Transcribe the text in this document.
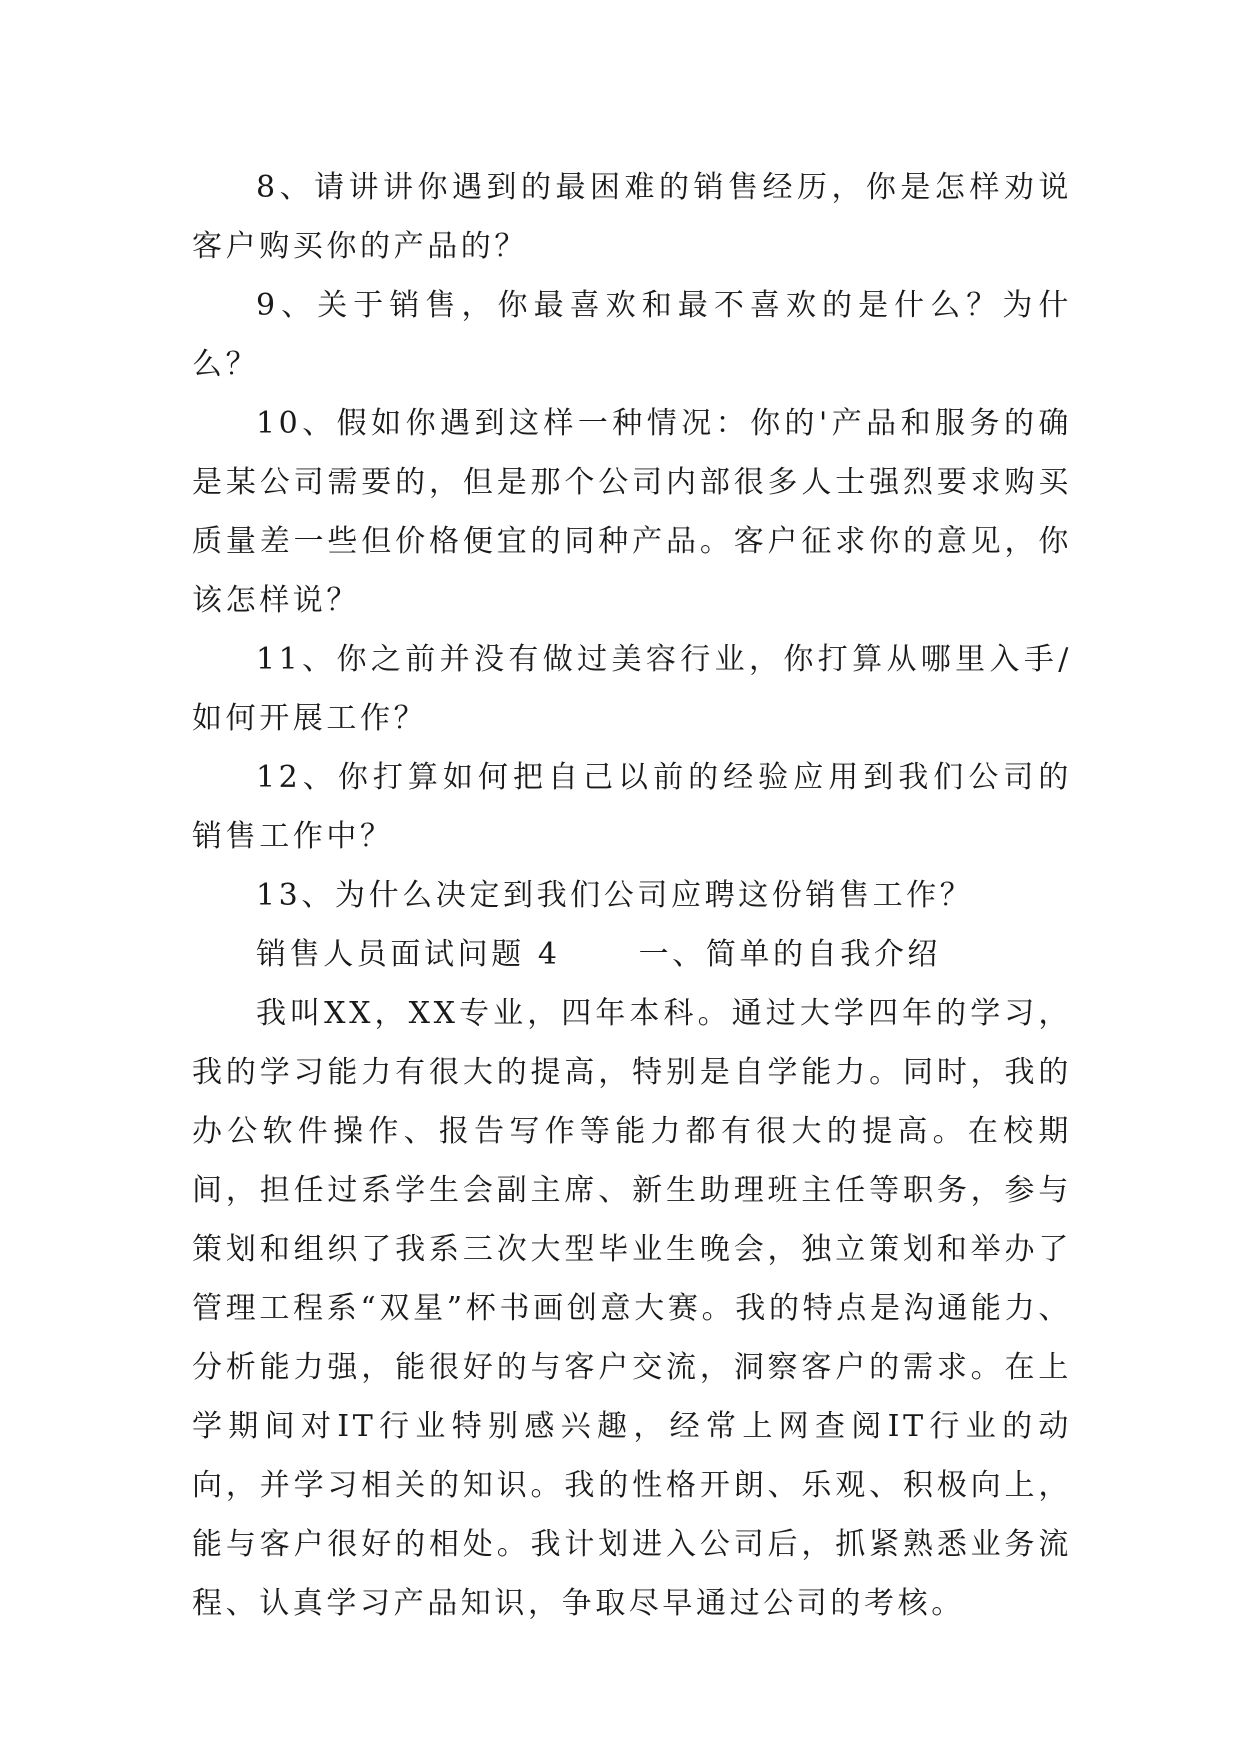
8、请讲讲你遇到的最困难的销售经历，你是怎样劝说客户购买你的产品的？

9、关于销售，你最喜欢和最不喜欢的是什么？为什么？

10、假如你遇到这样一种情况：你的'产品和服务的确是某公司需要的，但是那个公司内部很多人士强烈要求购买质量差一些但价格便宜的同种产品。客户征求你的意见，你该怎样说？

11、你之前并没有做过美容行业，你打算从哪里入手/如何开展工作？

12、你打算如何把自己以前的经验应用到我们公司的销售工作中？

13、为什么决定到我们公司应聘这份销售工作？

销售人员面试问题 4	一、简单的自我介绍

我叫XX，XX专业，四年本科。通过大学四年的学习，我的学习能力有很大的提高，特别是自学能力。同时，我的办公软件操作、报告写作等能力都有很大的提高。在校期间，担任过系学生会副主席、新生助理班主任等职务，参与策划和组织了我系三次大型毕业生晚会，独立策划和举办了管理工程系“双星”杯书画创意大赛。我的特点是沟通能力、分析能力强，能很好的与客户交流，洞察客户的需求。在上学期间对IT行业特别感兴趣，经常上网查阅IT行业的动向，并学习相关的知识。我的性格开朗、乐观、积极向上，能与客户很好的相处。我计划进入公司后，抓紧熟悉业务流程、认真学习产品知识，争取尽早通过公司的考核。
